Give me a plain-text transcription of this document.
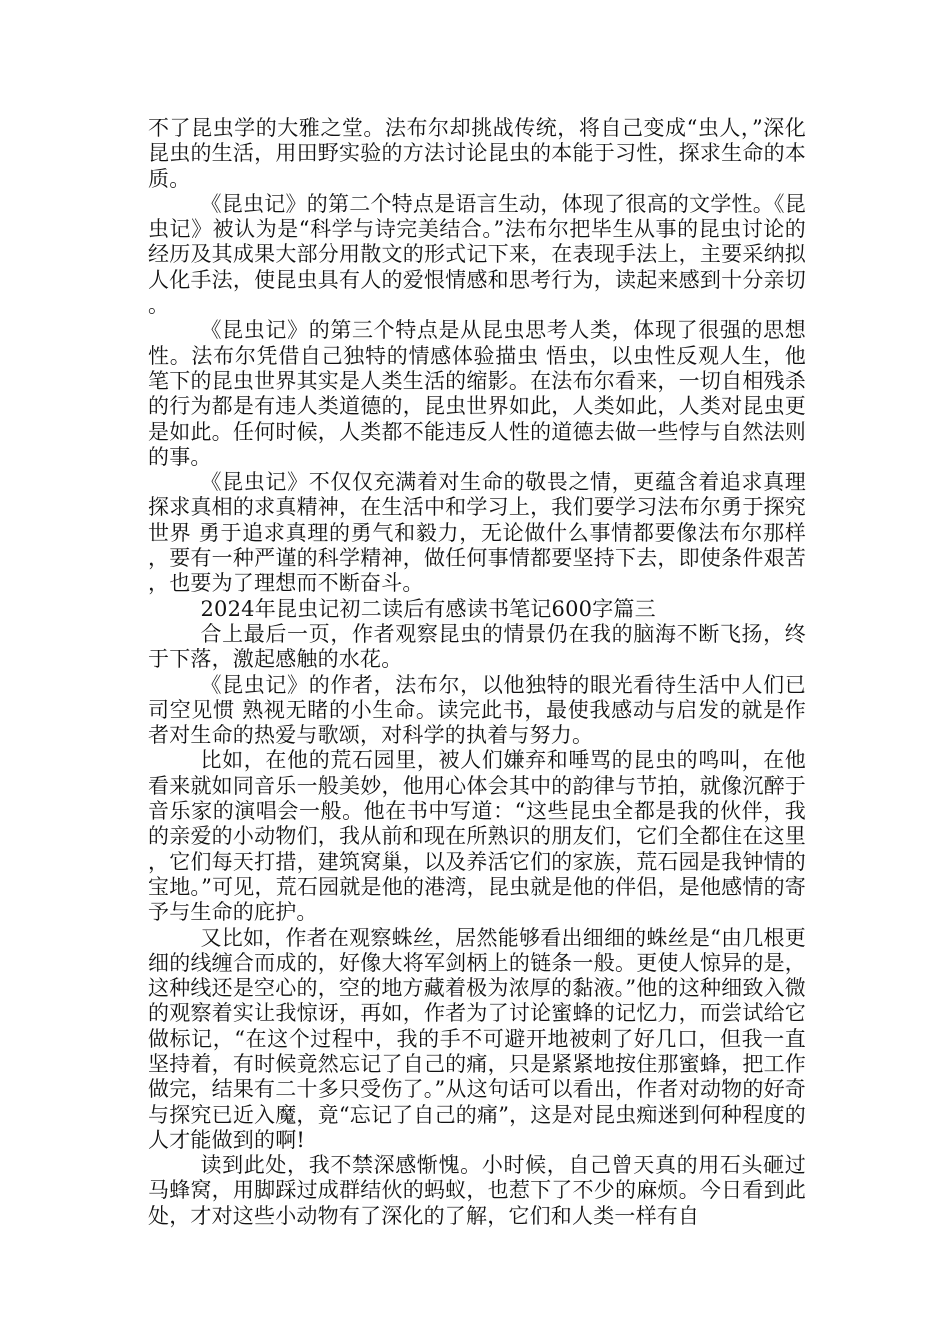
不了昆虫学的大雅之堂。法布尔却挑战传统，将自己变成“虫人，”深化昆虫的生活，用田野实验的方法讨论昆虫的本能于习性，探求生命的本质。

《昆虫记》的第二个特点是语言生动，体现了很高的文学性。《昆虫记》被认为是“科学与诗完美结合。”法布尔把毕生从事的昆虫讨论的经历及其成果大部分用散文的形式记下来，在表现手法上，主要采纳拟人化手法，使昆虫具有人的爱恨情感和思考行为，读起来感到十分亲切。

《昆虫记》的第三个特点是从昆虫思考人类，体现了很强的思想性。法布尔凭借自己独特的情感体验描虫 悟虫，以虫性反观人生，他笔下的昆虫世界其实是人类生活的缩影。在法布尔看来，一切自相残杀的行为都是有违人类道德的，昆虫世界如此，人类如此，人类对昆虫更是如此。任何时候，人类都不能违反人性的道德去做一些悖与自然法则的事。

《昆虫记》不仅仅充满着对生命的敬畏之情，更蕴含着追求真理 探求真相的求真精神，在生活中和学习上，我们要学习法布尔勇于探究世界 勇于追求真理的勇气和毅力，无论做什么事情都要像法布尔那样，要有一种严谨的科学精神，做任何事情都要坚持下去，即使条件艰苦，也要为了理想而不断奋斗。

2024年昆虫记初二读后有感读书笔记600字篇三

合上最后一页，作者观察昆虫的情景仍在我的脑海不断飞扬，终于下落，激起感触的水花。

《昆虫记》的作者，法布尔，以他独特的眼光看待生活中人们已司空见惯 熟视无睹的小生命。读完此书，最使我感动与启发的就是作者对生命的热爱与歌颂，对科学的执着与努力。

比如，在他的荒石园里，被人们嫌弃和唾骂的昆虫的鸣叫，在他看来就如同音乐一般美妙，他用心体会其中的韵律与节拍，就像沉醉于音乐家的演唱会一般。他在书中写道：“这些昆虫全都是我的伙伴，我的亲爱的小动物们，我从前和现在所熟识的朋友们，它们全都住在这里，它们每天打措，建筑窝巢，以及养活它们的家族，荒石园是我钟情的宝地。”可见，荒石园就是他的港湾，昆虫就是他的伴侣，是他感情的寄予与生命的庇护。

又比如，作者在观察蛛丝，居然能够看出细细的蛛丝是“由几根更细的线缠合而成的，好像大将军剑柄上的链条一般。更使人惊异的是，这种线还是空心的，空的地方藏着极为浓厚的黏液。”他的这种细致入微的观察着实让我惊讶，再如，作者为了讨论蜜蜂的记忆力，而尝试给它做标记，“在这个过程中，我的手不可避开地被刺了好几口，但我一直坚持着，有时候竟然忘记了自己的痛，只是紧紧地按住那蜜蜂，把工作做完，结果有二十多只受伤了。”从这句话可以看出，作者对动物的好奇与探究已近入魔，竟“忘记了自己的痛”，这是对昆虫痴迷到何种程度的人才能做到的啊!

读到此处，我不禁深感惭愧。小时候，自己曾天真的用石头砸过马蜂窝，用脚踩过成群结伙的蚂蚁，也惹下了不少的麻烦。今日看到此处，才对这些小动物有了深化的了解，它们和人类一样有自
